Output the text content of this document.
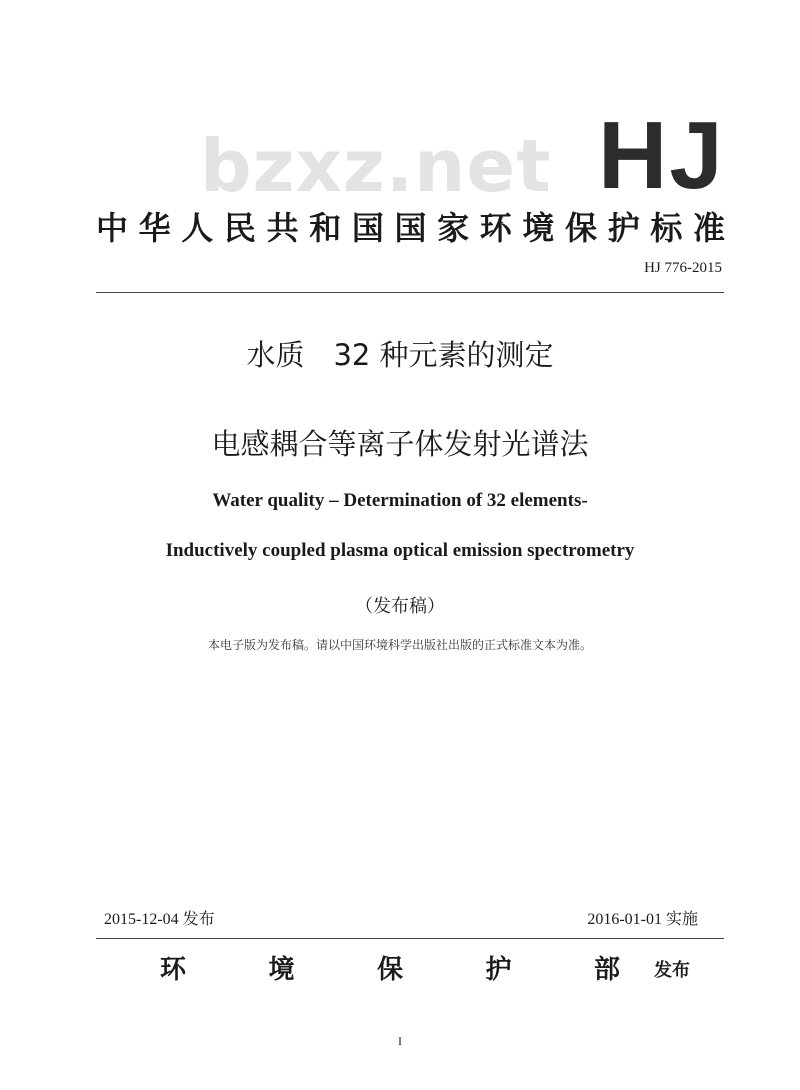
bzxz.net HJ
中华人民共和国国家环境保护标准
HJ 776-2015
水质　32 种元素的测定
电感耦合等离子体发射光谱法
Water quality – Determination of 32 elements-
Inductively coupled plasma optical emission spectrometry
（发布稿）
本电子版为发布稿。请以中国环境科学出版社出版的正式标准文本为准。
2015-12-04 发布	2016-01-01 实施
环境保护部 发布
I
